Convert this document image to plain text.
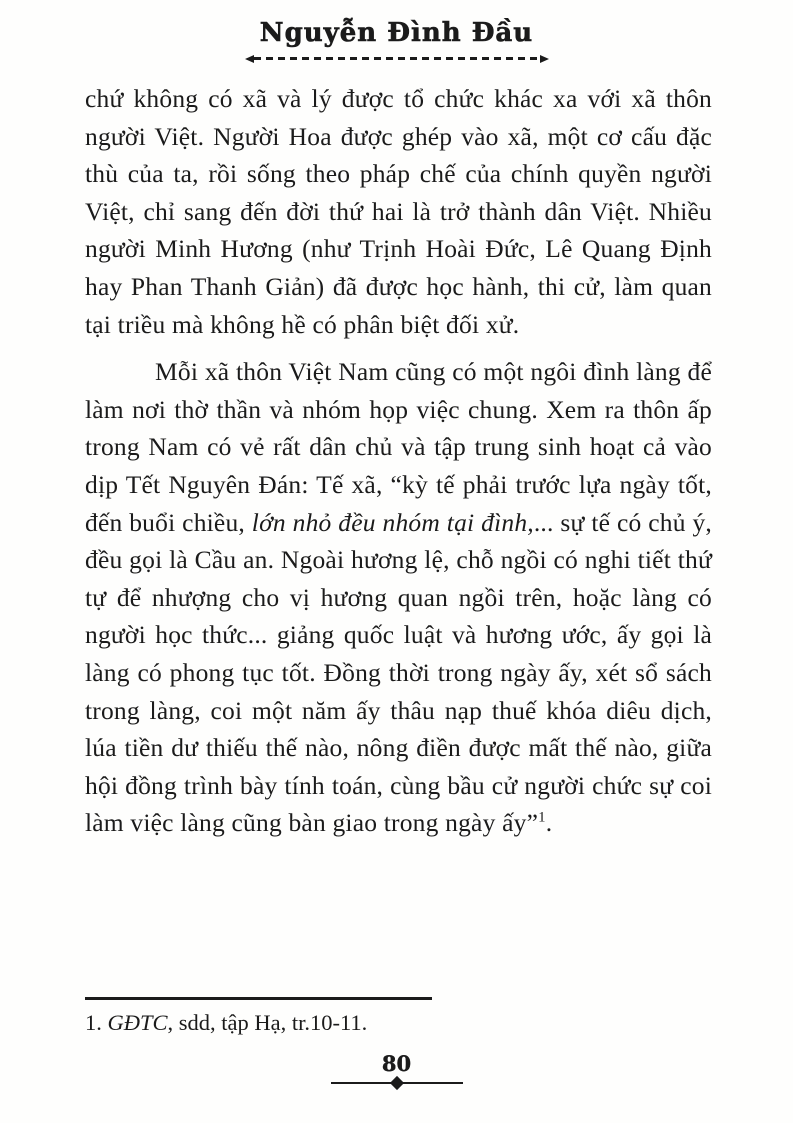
Nguyễn Đình Đầu

chứ không có xã và lý được tổ chức khác xa với xã thôn người Việt. Người Hoa được ghép vào xã, một cơ cấu đặc thù của ta, rồi sống theo pháp chế của chính quyền người Việt, chỉ sang đến đời thứ hai là trở thành dân Việt. Nhiều người Minh Hương (như Trịnh Hoài Đức, Lê Quang Định hay Phan Thanh Giản) đã được học hành, thi cử, làm quan tại triều mà không hề có phân biệt đối xử.

Mỗi xã thôn Việt Nam cũng có một ngôi đình làng để làm nơi thờ thần và nhóm họp việc chung. Xem ra thôn ấp trong Nam có vẻ rất dân chủ và tập trung sinh hoạt cả vào dịp Tết Nguyên Đán: Tế xã, “kỳ tế phải trước lựa ngày tốt, đến buổi chiều, lớn nhỏ đều nhóm tại đình,... sự tế có chủ ý, đều gọi là Cầu an. Ngoài hương lệ, chỗ ngồi có nghi tiết thứ tự để nhượng cho vị hương quan ngồi trên, hoặc làng có người học thức... giảng quốc luật và hương ước, ấy gọi là làng có phong tục tốt. Đồng thời trong ngày ấy, xét sổ sách trong làng, coi một năm ấy thâu nạp thuế khóa diêu dịch, lúa tiền dư thiếu thế nào, nông điền được mất thế nào, giữa hội đồng trình bày tính toán, cùng bầu cử người chức sự coi làm việc làng cũng bàn giao trong ngày ấy”$^1$.

1. GĐTC, sdd, tập Hạ, tr.10-11.

80
